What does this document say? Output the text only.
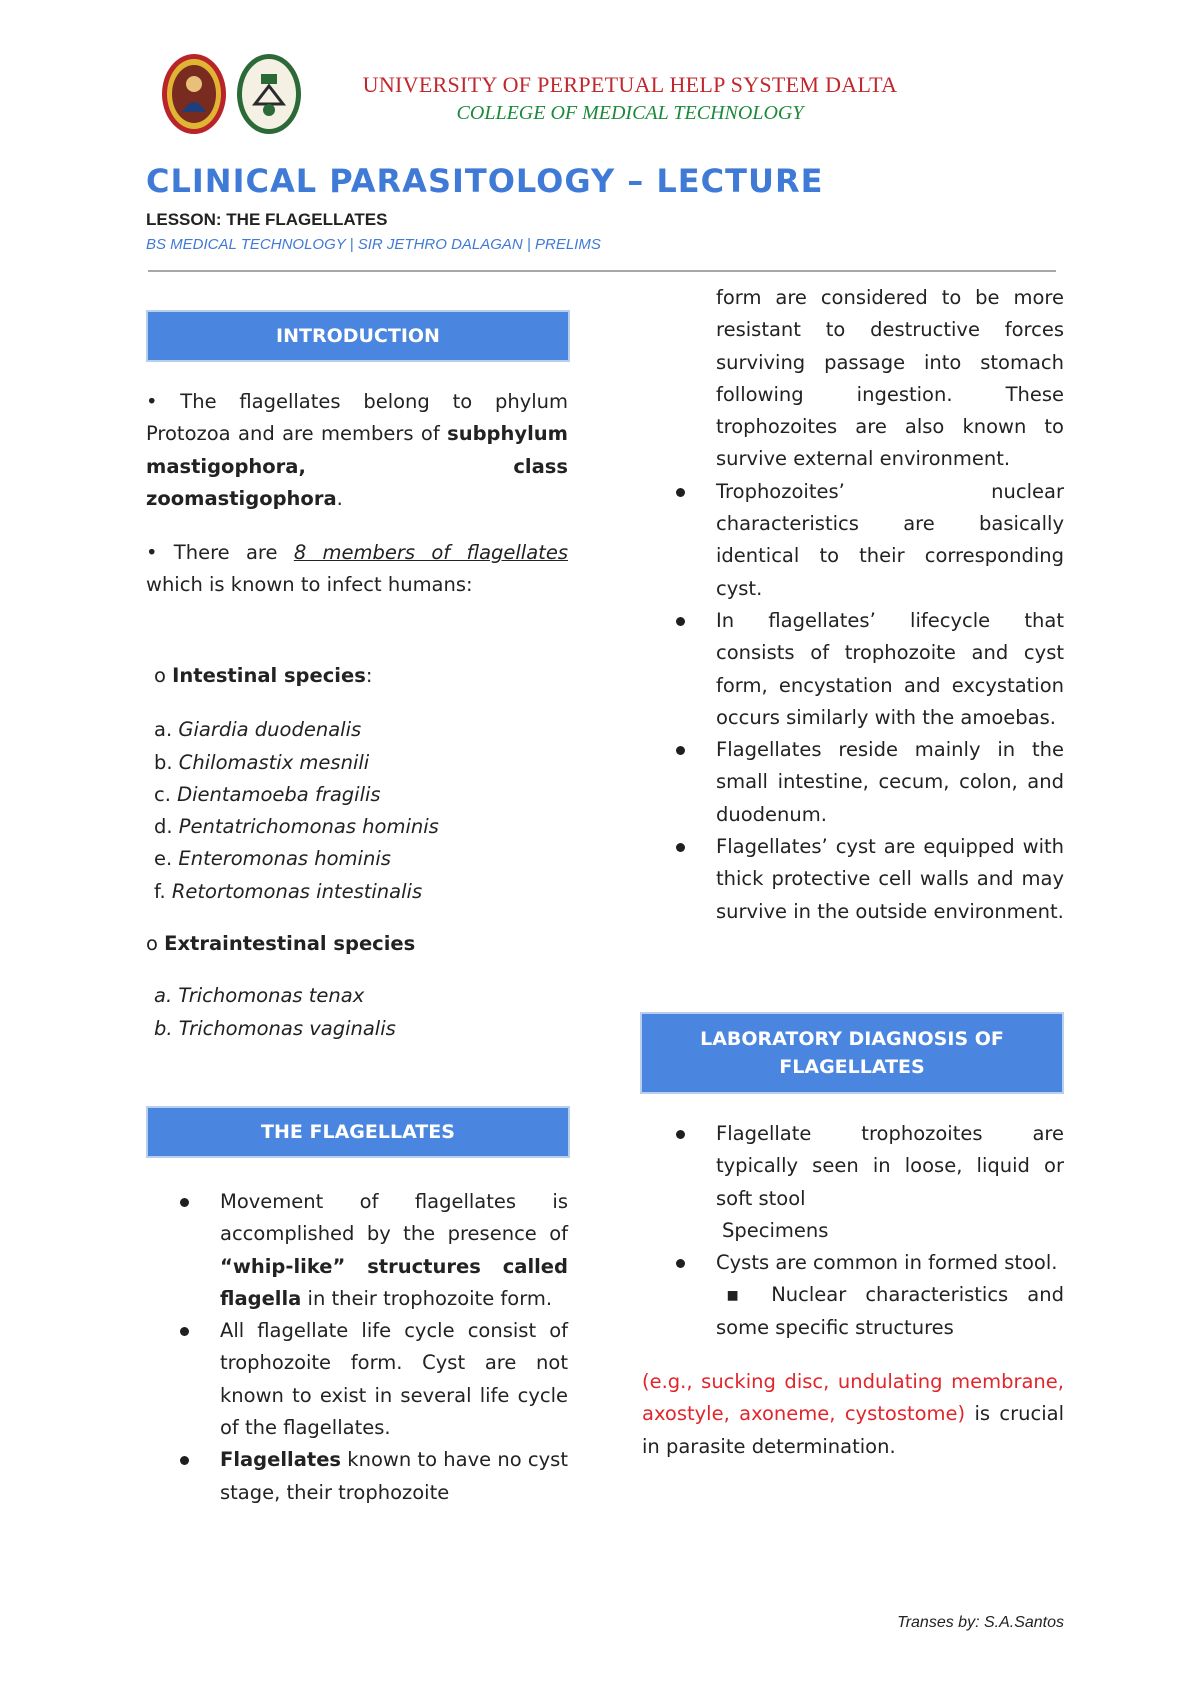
UNIVERSITY OF PERPETUAL HELP SYSTEM DALTA
COLLEGE OF MEDICAL TECHNOLOGY
CLINICAL PARASITOLOGY – LECTURE
LESSON: THE FLAGELLATES
BS MEDICAL TECHNOLOGY | SIR JETHRO DALAGAN | PRELIMS
INTRODUCTION

• The flagellates belong to phylum Protozoa and are members of subphylum mastigophora, class zoomastigophora.

• There are 8 members of flagellates which is known to infect humans:

o Intestinal species:

a. Giardia duodenalis

b. Chilomastix mesnili

c. Dientamoeba fragilis

d. Pentatrichomonas hominis

e. Enteromonas hominis

f. Retortomonas intestinalis

o Extraintestinal species

a. Trichomonas tenax

b. Trichomonas vaginalis

THE FLAGELLATES
Movement of flagellates is accomplished by the presence of “whip-like” structures called flagella in their trophozoite form.
All flagellate life cycle consist of trophozoite form. Cyst are not known to exist in several life cycle of the flagellates.
Flagellates known to have no cyst stage, their trophozoite

form are considered to be more resistant to destructive forces surviving passage into stomach following ingestion. These trophozoites are also known to survive external environment.

Trophozoites’ nuclear characteristics are basically identical to their corresponding cyst.
In flagellates’ lifecycle that consists of trophozoite and cyst form, encystation and excystation occurs similarly with the amoebas.
Flagellates reside mainly in the small intestine, cecum, colon, and duodenum.
Flagellates’ cyst are equipped with thick protective cell walls and may survive in the outside environment.
LABORATORY DIAGNOSIS OF FLAGELLATES
Flagellate trophozoites are typically seen in loose, liquid or soft stool
Specimens
Cysts are common in formed stool.

▪ Nuclear characteristics and some specific structures

(e.g., sucking disc, undulating membrane, axostyle, axoneme, cystostome) is crucial in parasite determination.

Transes by: S.A.Santos
